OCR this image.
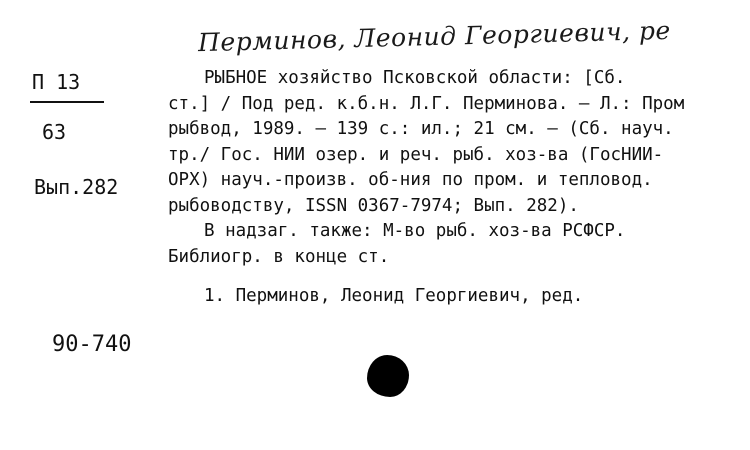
Перминов, Леонид Георгиевич, ре
П 13
63
Вып.282
90-740
РЫБНОЕ хозяйство Псковской области: [Сб.
ст.] / Под ред. к.б.н. Л.Г. Перминова. – Л.: Пром
рыбвод, 1989. – 139 с.: ил.; 21 см. – (Сб. науч.
тр./ Гос. НИИ озер. и реч. рыб. хоз-ва (ГосНИИ-
ОРХ) науч.-произв. об-ния по пром. и тепловод.
рыбоводству, ISSN 0367-7974; Вып. 282).
В надзаг. также: М-во рыб. хоз-ва РСФСР.
Библиогр. в конце ст.
1. Перминов, Леонид Георгиевич, ред.
